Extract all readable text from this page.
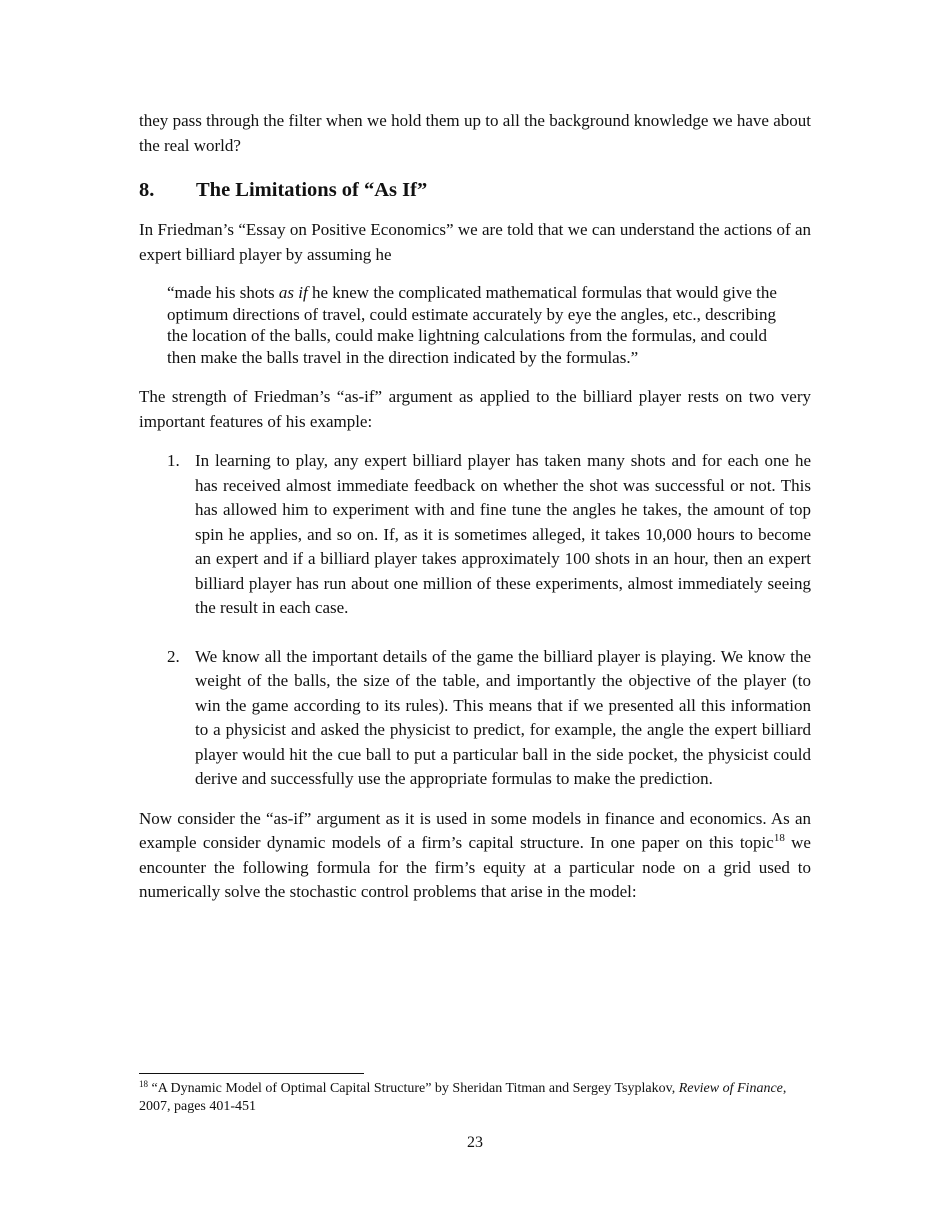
they pass through the filter when we hold them up to all the background knowledge we have about the real world?

8.	The Limitations of “As If”

In Friedman’s “Essay on Positive Economics” we are told that we can understand the actions of an expert billiard player by assuming he

“made his shots as if he knew the complicated mathematical formulas that would give the optimum directions of travel, could estimate accurately by eye the angles, etc., describing the location of the balls, could make lightning calculations from the formulas, and could then make the balls travel in the direction indicated by the formulas.”

The strength of Friedman’s “as-if” argument as applied to the billiard player rests on two very important features of his example:

1. In learning to play, any expert billiard player has taken many shots and for each one he has received almost immediate feedback on whether the shot was successful or not. This has allowed him to experiment with and fine tune the angles he takes, the amount of top spin he applies, and so on. If, as it is sometimes alleged, it takes 10,000 hours to become an expert and if a billiard player takes approximately 100 shots in an hour, then an expert billiard player has run about one million of these experiments, almost immediately seeing the result in each case.
2. We know all the important details of the game the billiard player is playing. We know the weight of the balls, the size of the table, and importantly the objective of the player (to win the game according to its rules). This means that if we presented all this information to a physicist and asked the physicist to predict, for example, the angle the expert billiard player would hit the cue ball to put a particular ball in the side pocket, the physicist could derive and successfully use the appropriate formulas to make the prediction.

Now consider the “as-if” argument as it is used in some models in finance and economics. As an example consider dynamic models of a firm’s capital structure. In one paper on this topic$^{18}$ we encounter the following formula for the firm’s equity at a particular node on a grid used to numerically solve the stochastic control problems that arise in the model:

$^{18}$ “A Dynamic Model of Optimal Capital Structure” by Sheridan Titman and Sergey Tsyplakov, Review of Finance, 2007, pages 401-451
23
